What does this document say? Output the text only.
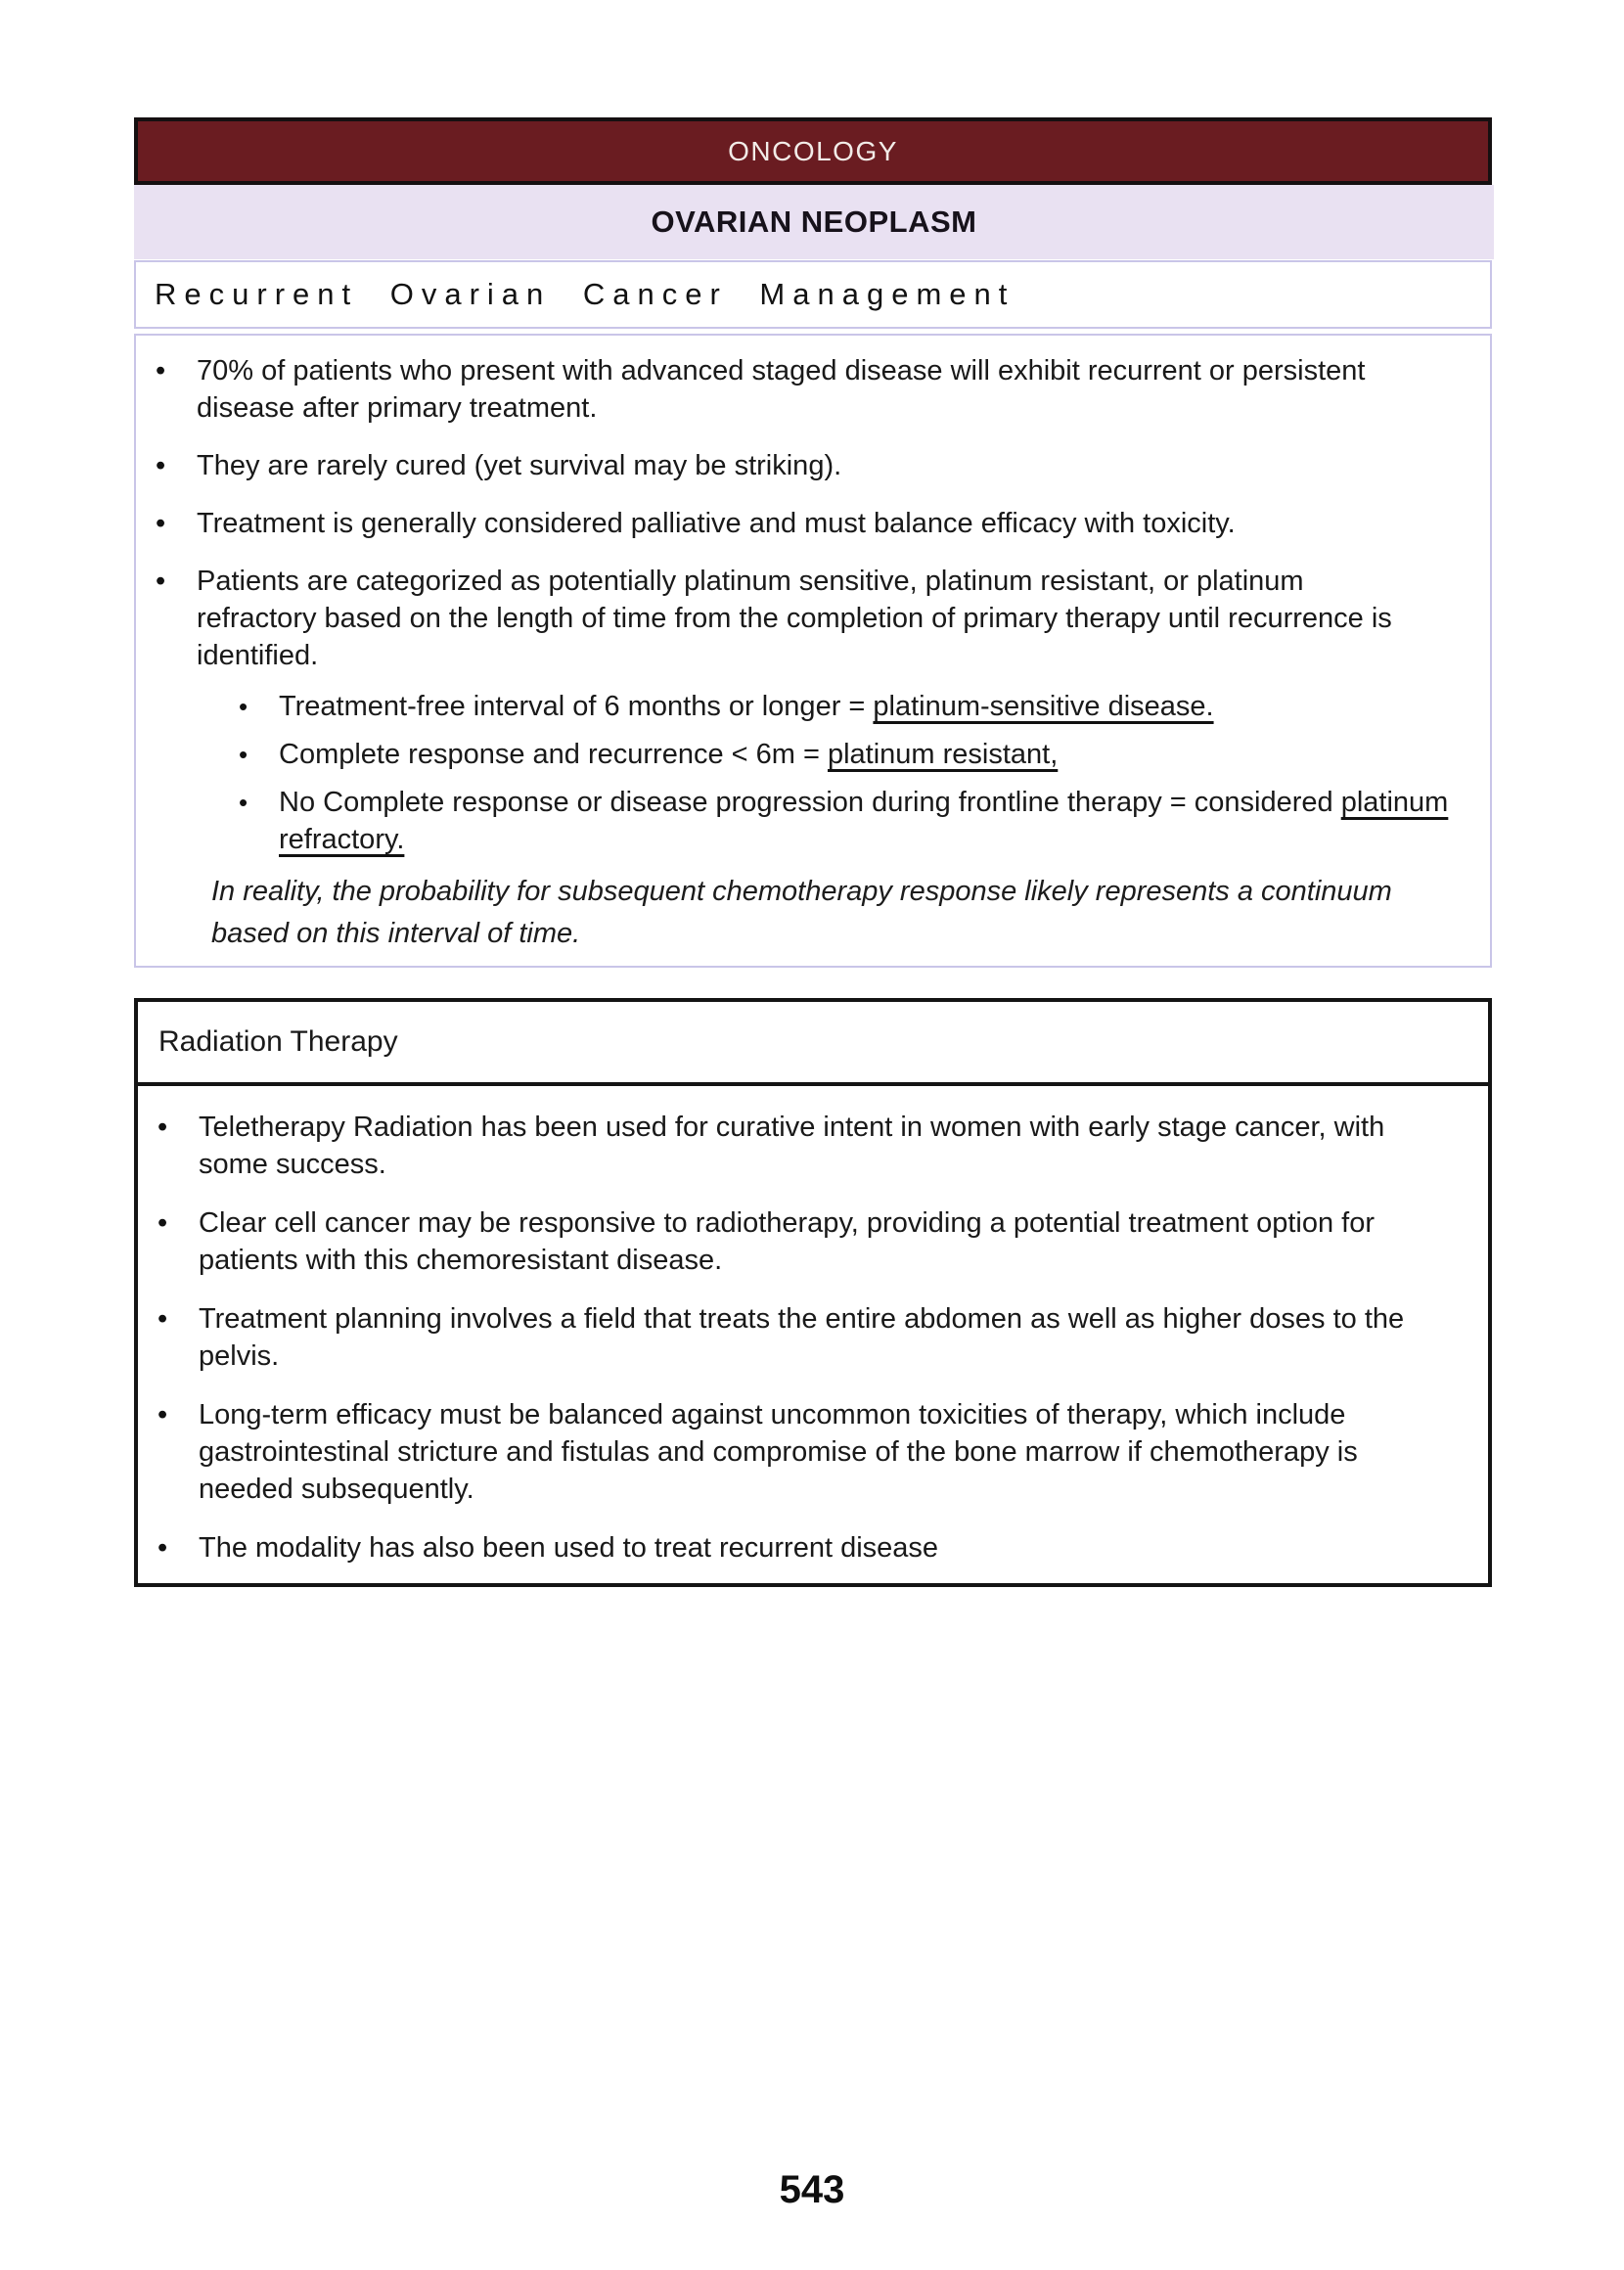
ONCOLOGY
OVARIAN NEOPLASM
Recurrent Ovarian Cancer Management
• 70% of patients who present with advanced staged disease will exhibit recurrent or persistent disease after primary treatment.
• They are rarely cured (yet survival may be striking).
• Treatment is generally considered palliative and must balance efficacy with toxicity.
• Patients are categorized as potentially platinum sensitive, platinum resistant, or platinum refractory based on the length of time from the completion of primary therapy until recurrence is identified.
• Treatment-free interval of 6 months or longer = platinum-sensitive disease.
• Complete response and recurrence < 6m = platinum resistant,
• No Complete response or disease progression during frontline therapy = considered platinum refractory.

In reality, the probability for subsequent chemotherapy response likely represents a continuum based on this interval of time.

Radiation Therapy
• Teletherapy Radiation has been used for curative intent in women with early stage cancer, with some success.
• Clear cell cancer may be responsive to radiotherapy, providing a potential treatment option for patients with this chemoresistant disease.
• Treatment planning involves a field that treats the entire abdomen as well as higher doses to the pelvis.
• Long-term efficacy must be balanced against uncommon toxicities of therapy, which include gastrointestinal stricture and fistulas and compromise of the bone marrow if chemotherapy is needed subsequently.
• The modality has also been used to treat recurrent disease
543
